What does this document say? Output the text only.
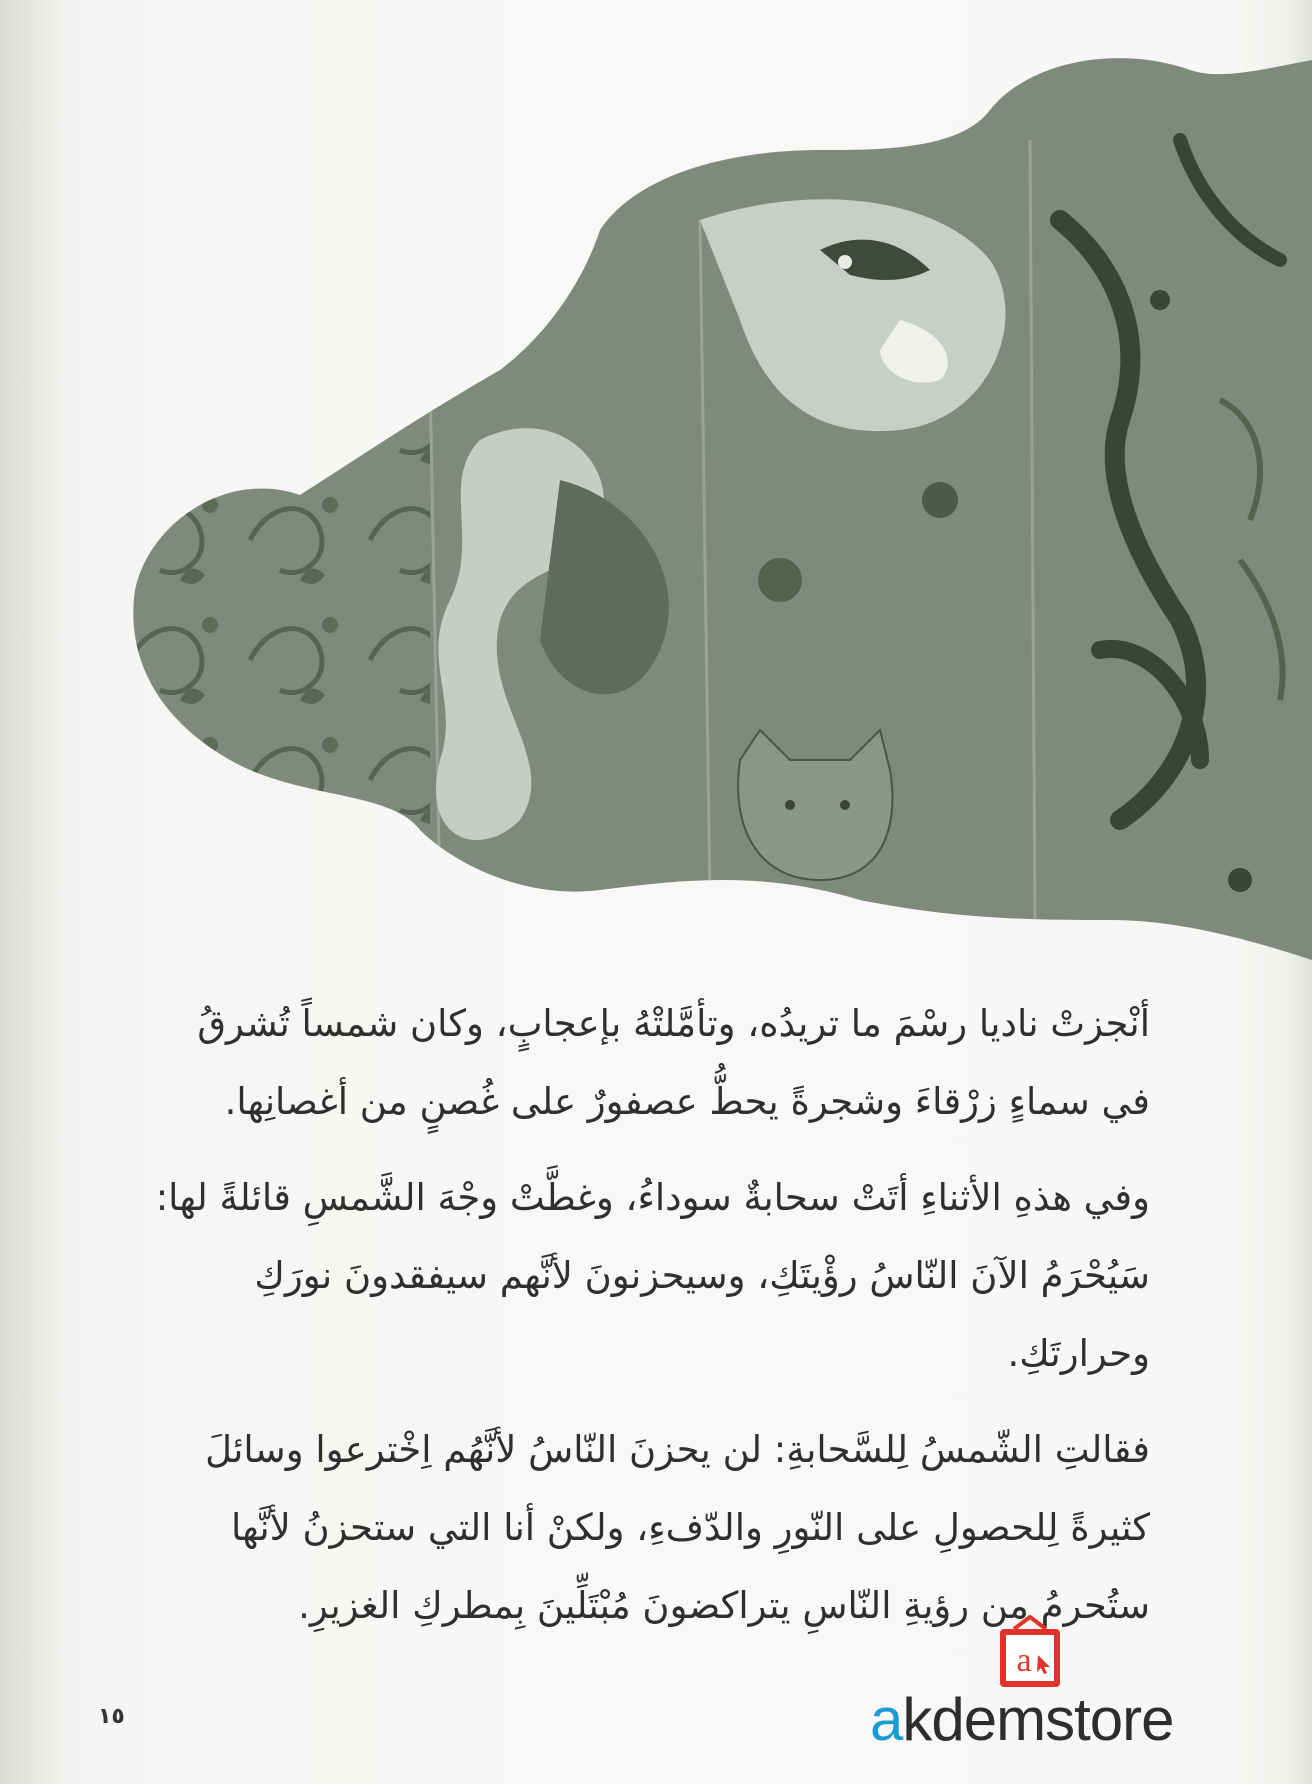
أنْجزتْ ناديا رسْمَ ما تريدُه، وتأمَّلتْهُ بإعجابٍ، وكان شمساً تُشرقُ في سماءٍ زرْقاءَ وشجرةً يحطُّ عصفورٌ على غُصنٍ من أغصانِها.

وفي هذهِ الأثناءِ أتَتْ سحابةٌ سوداءُ، وغطَّتْ وجْهَ الشَّمسِ قائلةً لها: سَيُحْرَمُ الآنَ النّاسُ رؤْيتَكِ، وسيحزنونَ لأنَّهم سيفقدونَ نورَكِ وحرارتَكِ.

فقالتِ الشّمسُ لِلسَّحابةِ: لن يحزنَ النّاسُ لأنَّهُم اِخْترعوا وسائلَ كثيرةً لِلحصولِ على النّورِ والدّفءِ، ولكنْ أنا التي ستحزنُ لأنَّها ستُحرمُ من رؤيةِ النّاسِ يتراكضونَ مُبْتَلِّينَ بِمطركِ الغزيرِ.

١٥
a
akdemstore
